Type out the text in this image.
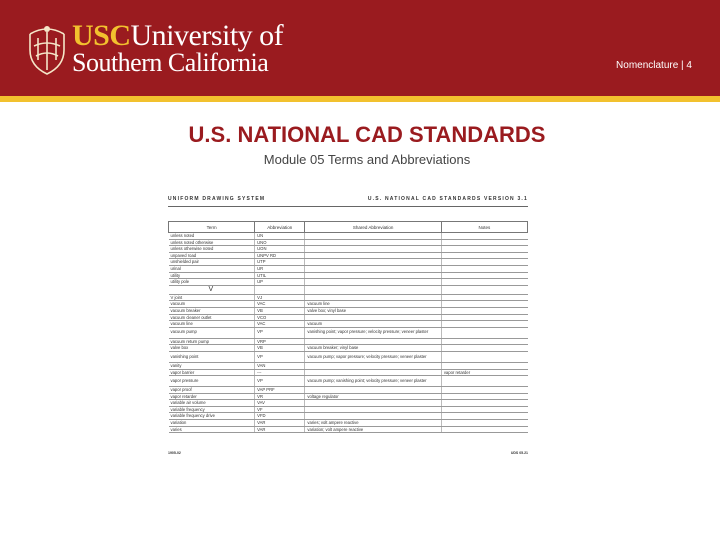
USCUniversity of
Southern California	Nomenclature | 4
U.S. NATIONAL CAD STANDARDS
Module 05 Terms and Abbreviations
UNIFORM DRAWING SYSTEM	U.S. NATIONAL CAD STANDARDS VERSION 3.1
Term	Abbreviation	Shared Abbreviation	Notes
unless noted	UN		
unless noted otherwise	UNO		
unless otherwise noted	UON		
unpaved road	UNPV RD		
unshielded pair	UTP		
urinal	UR		
utility	UTIL		
utility pole	UP		
V			
V joint	VJ		
vacuum	VAC	vacuum line	
vacuum breaker	VB	valve box; vinyl base	
vacuum cleaner outlet	VCO		
vacuum line	VAC	vacuum	
vacuum pump	VP	vanishing point; vapor pressure; velocity pressure; veneer plaster	
vacuum return pump	VRP		
valve box	VB	vacuum breaker; vinyl base	
vanishing point	VP	vacuum pump; vapor pressure; velocity pressure; veneer plaster	
vanity	VAN		
vapor barrier	---		vapor retarder
vapor pressure	VP	vacuum pump; vanishing point; velocity pressure; veneer plaster	
vapor proof	VAP PRF		
vapor retarder	VR	voltage regulator	
variable air volume	VAV		
variable frequency	VF		
variable frequency drive	VFD		
variation	VAR	varies; volt ampere reactive	
varies	VAR	variation; volt ampere reactive	
1905-02	UDS 05.21
